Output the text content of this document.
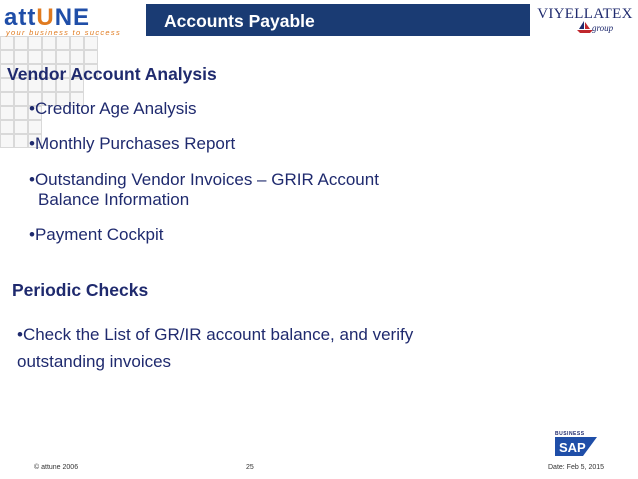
attUNE
your business to success
Accounts Payable	VIYELLATEX
group
Vendor Account Analysis
•Creditor Age Analysis
•Monthly Purchases Report
•Outstanding Vendor Invoices – GRIR Account
Balance Information
•Payment Cockpit
Periodic Checks
•Check the List of GR/IR account balance, and verify
outstanding invoices
BUSINESS
SAP
© attune 2006	25	Date: Feb 5, 2015
